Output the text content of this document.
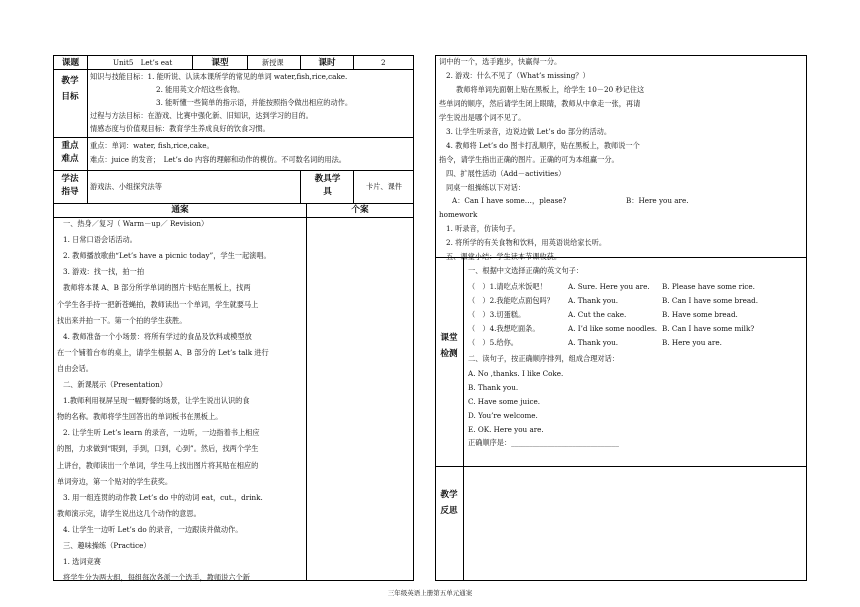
课题	Unit5　Let’s eat	课型	新授课	课时	2
教学目标
知识与技能目标：1. 能听说、认读本课所学的常见的单词 water,fish,rice,cake.
2. 能用英文介绍这些食物。
3. 能听懂一些简单的指示语，并能按照指令做出相应的动作。
过程与方法目标：在游戏、比赛中强化新、旧知识，达到学习的目的。
情感态度与价值观目标：教育学生养成良好的饮食习惯。
重点难点
重点：单词：water, fish,rice,cake。
难点：juice 的发音；　Let’s do 内容的理解和动作的模仿。不可数名词的用法。
学法指导
游戏法、小组探究法等
教具学具
卡片、课件
通案	个案
一、热身／复习（ Warm－up／ Revision）
1. 日常口语会话活动。
2. 教师播放歌曲“Let’s have a picnic today”，学生一起演唱。
3. 游戏：找一找，拍一拍
教师将本课 A、B 部分所学单词的图片卡贴在黑板上，找两
个学生各手持一把新苍蝇拍，教师读出一个单词，学生就要马上
找出来并拍一下。第一个拍的学生获胜。
4. 教师准备一个小场景：将所有学过的食品及饮料或模型放
在一个铺着台布的桌上，请学生根据 A、B 部分的 Let’s talk 进行
自由会话。
二、新课展示（Presentation）
1.教师利用视屏呈现一幅野餐的场景，让学生说出认识的食
物的名称。教师将学生回答出的单词板书在黑板上。
2. 让学生听 Let’s learn 的录音，一边听，一边指着书上相应
的图，力求做到“眼到，手到，口到，心到”。然后，找两个学生
上讲台，教师读出一个单词，学生马上找出图片将其贴在相应的
单词旁边，第一个贴对的学生获奖。
3. 用一组连贯的动作教 Let’s do 中的动词 eat，cut.，drink.
教师演示完，请学生说出这几个动作的意思。
4. 让学生一边听 Let’s do 的录音，一边跟读并做动作。
三、趣味操练（Practice）
1. 选词竞赛
将学生分为两大组，每组每次各派一个选手，教师说六个新
词中的一个，选手跑步，快赢得一分。
2. 游戏：什么不见了（What’s missing？）
教师将单词先面朝上贴在黑板上，给学生 10－20 秒记住这
些单词的顺序，然后请学生闭上眼睛，教师从中拿走一张，再请
学生说出是哪个词不见了。
3. 让学生听录音，边说边做 Let’s do 部分的活动。
4. 教师将 Let’s do 图卡打乱顺序，贴在黑板上，教师说一个
指令，请学生指出正确的图片。正确的可为本组赢一分。
四、扩展性活动（Add－activities）
同桌一组操练以下对话：
A：Can I have some…，please?	B：Here you are.
homework
1. 听录音，仿读句子。
2. 将所学的有关食物和饮料，用英语说给家长听。
五、课堂小结：学生读本节课收获。
课堂检测
一、根据中文选择正确的英文句子：
（　）1.请吃点米饭吧！	A. Sure. Here you are. B. Please have some rice.
（　）2.我能吃点面包吗？ A. Thank you.	B. Can I have some bread.
（　）3.切蛋糕。	A. Cut the cake.	B. Have some bread.
（　）4.我想吃面条。	A. I’d like some noodles. B. Can I have some milk?
（　）5.给你。	A. Thank you.	B. Here you are.
二、读句子，按正确顺序排列，组成合理对话：
A. No ,thanks. I like Coke.
B. Thank you.
C. Have some juice.
D. You’re welcome.
E. OK. Here you are.
正确顺序是：______________________________
教学反思
三年级英语上册第五单元通案
